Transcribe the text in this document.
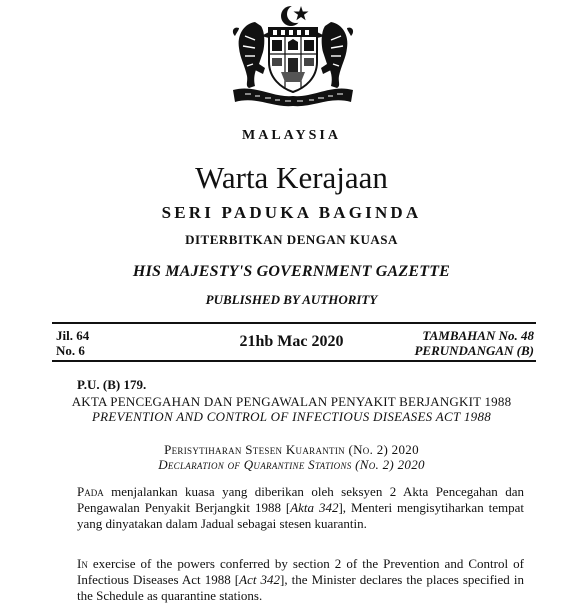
MALAYSIA
Warta Kerajaan
SERI PADUKA BAGINDA
DITERBITKAN DENGAN KUASA
HIS MAJESTY'S GOVERNMENT GAZETTE
PUBLISHED BY AUTHORITY
Jil. 64
No. 6
21hb Mac 2020	TAMBAHAN No. 48
PERUNDANGAN (B)
P.U. (B) 179.
AKTA PENCEGAHAN DAN PENGAWALAN PENYAKIT BERJANGKIT 1988
PREVENTION AND CONTROL OF INFECTIOUS DISEASES ACT 1988
Perisytiharan Stesen Kuarantin (No. 2) 2020
Declaration of Quarantine Stations (No. 2) 2020
Pada menjalankan kuasa yang diberikan oleh seksyen 2 Akta Pencegahan dan Pengawalan Penyakit Berjangkit 1988 [Akta 342], Menteri mengisytiharkan tempat yang dinyatakan dalam Jadual sebagai stesen kuarantin.
In exercise of the powers conferred by section 2 of the Prevention and Control of Infectious Diseases Act 1988 [Act 342], the Minister declares the places specified in the Schedule as quarantine stations.
